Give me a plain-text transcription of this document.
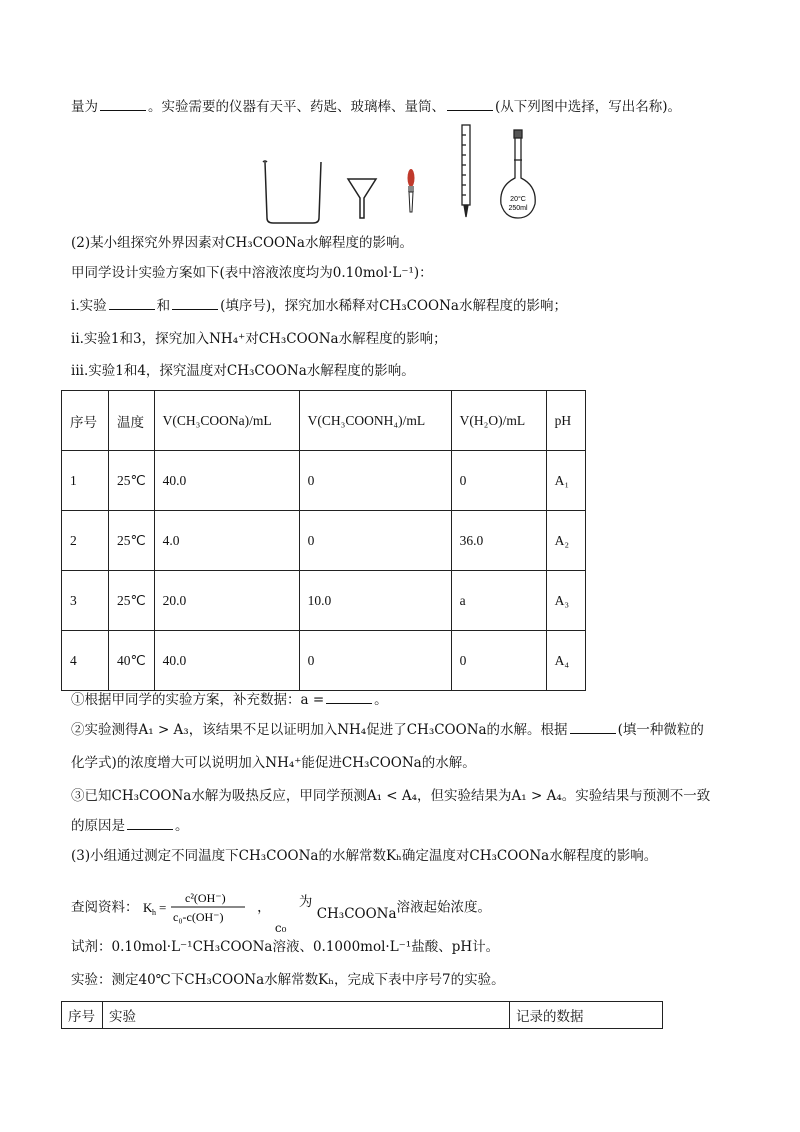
量为	。实验需要的仪器有天平、药匙、玻璃棒、量筒、	(从下列图中选择，写出名称)。
20°C
250ml
(2)某小组探究外界因素对CH₃COONa水解程度的影响。
甲同学设计实验方案如下(表中溶液浓度均为0.10mol·L⁻¹)：
i.实验	和	(填序号)，探究加水稀释对CH₃COONa水解程度的影响；
ii.实验1和3，探究加入NH₄⁺对CH₃COONa水解程度的影响；
iii.实验1和4，探究温度对CH₃COONa水解程度的影响。
序号	温度	V(CH₃COONa)/mL	V(CH₃COONH₄)/mL	V(H₂O)/mL	pH
1	25℃	40.0	0	0	A₁
2	25℃	4.0	0	36.0	A₂
3	25℃	20.0	10.0	a	A₃
4	40℃	40.0	0	0	A₄
①根据甲同学的实验方案，补充数据：a =	。
②实验测得A₁ > A₃，该结果不足以证明加入NH₄促进了CH₃COONa的水解。根据	(填一种微粒的
化学式)的浓度增大可以说明加入NH₄⁺能促进CH₃COONa的水解。
③已知CH₃COONa水解为吸热反应，甲同学预测A₁ < A₄，但实验结果为A₁ > A₄。实验结果与预测不一致
的原因是	。
(3)小组通过测定不同温度下CH₃COONa的水解常数Kₕ确定温度对CH₃COONa水解程度的影响。
查阅资料： K h =
c²(OH⁻)
c₀-c(OH⁻)
，
c₀
为 CH₃COONa溶液起始浓度。
试剂：0.10mol·L⁻¹CH₃COONa溶液、0.1000mol·L⁻¹盐酸、pH计。
实验：测定40℃下CH₃COONa水解常数Kₕ，完成下表中序号7的实验。
序号	实验	记录的数据
